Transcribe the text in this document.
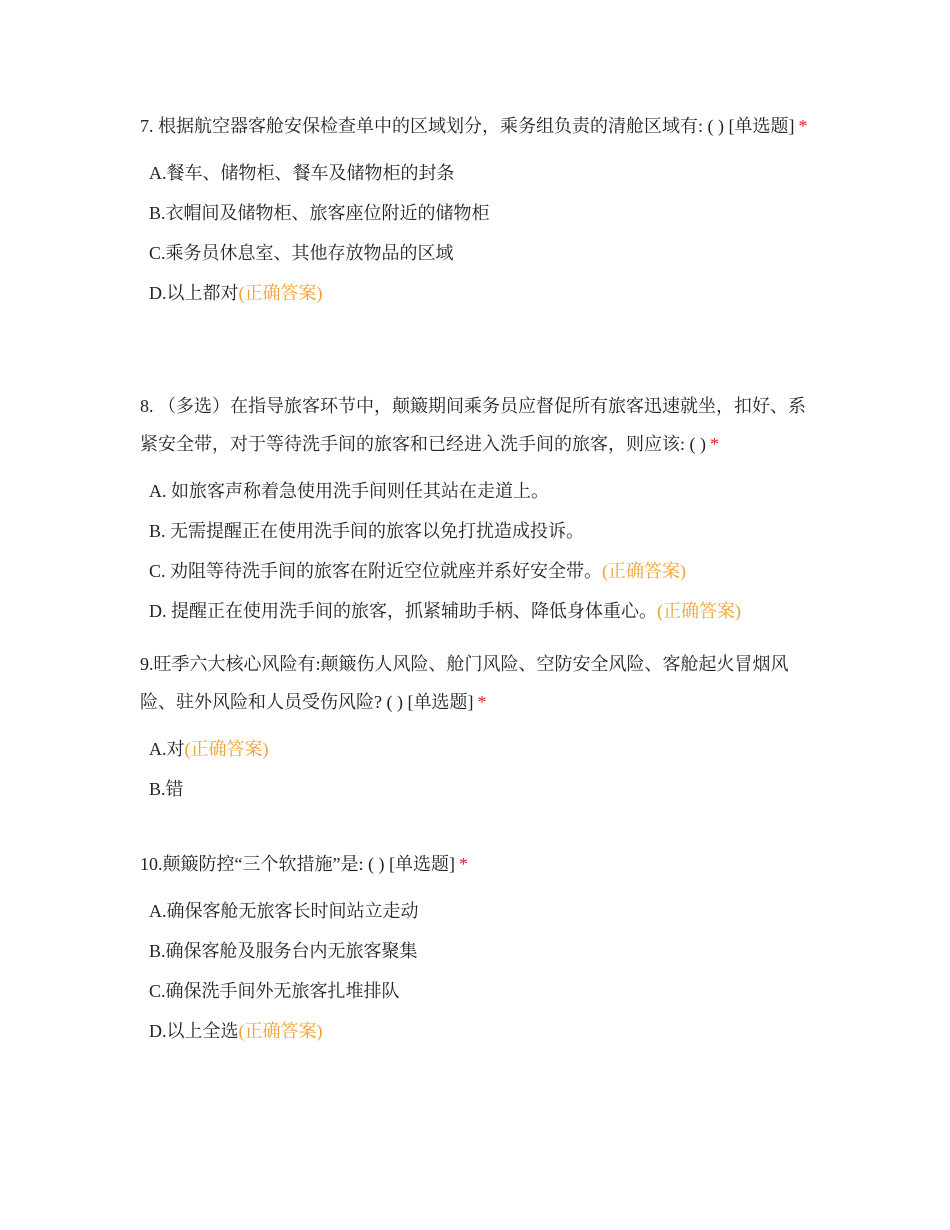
7. 根据航空器客舱安保检查单中的区域划分，乘务组负责的清舱区域有: ( ) [单选题] *

A.餐车、储物柜、餐车及储物柜的封条
B.衣帽间及储物柜、旅客座位附近的储物柜
C.乘务员休息室、其他存放物品的区域
D.以上都对(正确答案)

8. （多选）在指导旅客环节中，颠簸期间乘务员应督促所有旅客迅速就坐，扣好、系紧安全带，对于等待洗手间的旅客和已经进入洗手间的旅客，则应该: ( ) *

A. 如旅客声称着急使用洗手间则任其站在走道上。
B. 无需提醒正在使用洗手间的旅客以免打扰造成投诉。
C. 劝阻等待洗手间的旅客在附近空位就座并系好安全带。(正确答案)
D. 提醒正在使用洗手间的旅客，抓紧辅助手柄、降低身体重心。(正确答案)

9.旺季六大核心风险有:颠簸伤人风险、舱门风险、空防安全风险、客舱起火冒烟风险、驻外风险和人员受伤风险? ( ) [单选题] *

A.对(正确答案)
B.错

10.颠簸防控“三个软措施”是: ( ) [单选题] *

A.确保客舱无旅客长时间站立走动
B.确保客舱及服务台内无旅客聚集
C.确保洗手间外无旅客扎堆排队
D.以上全选(正确答案)
